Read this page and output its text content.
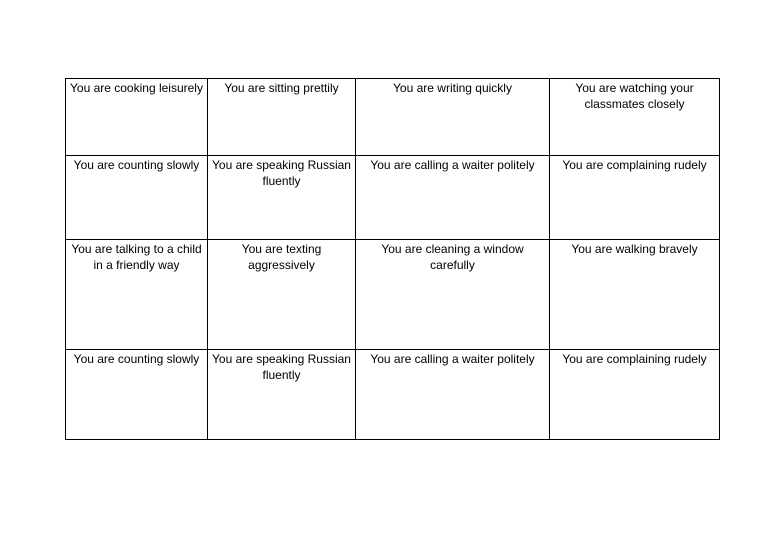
You are cooking leisurely	You are sitting prettily	You are writing quickly	You are watching your classmates closely
You are counting slowly	You are speaking Russian fluently	You are calling a waiter politely	You are complaining rudely
You are talking to a child in a friendly way	You are texting aggressively	You are cleaning a window carefully	You are walking bravely
You are counting slowly	You are speaking Russian fluently	You are calling a waiter politely	You are complaining rudely
